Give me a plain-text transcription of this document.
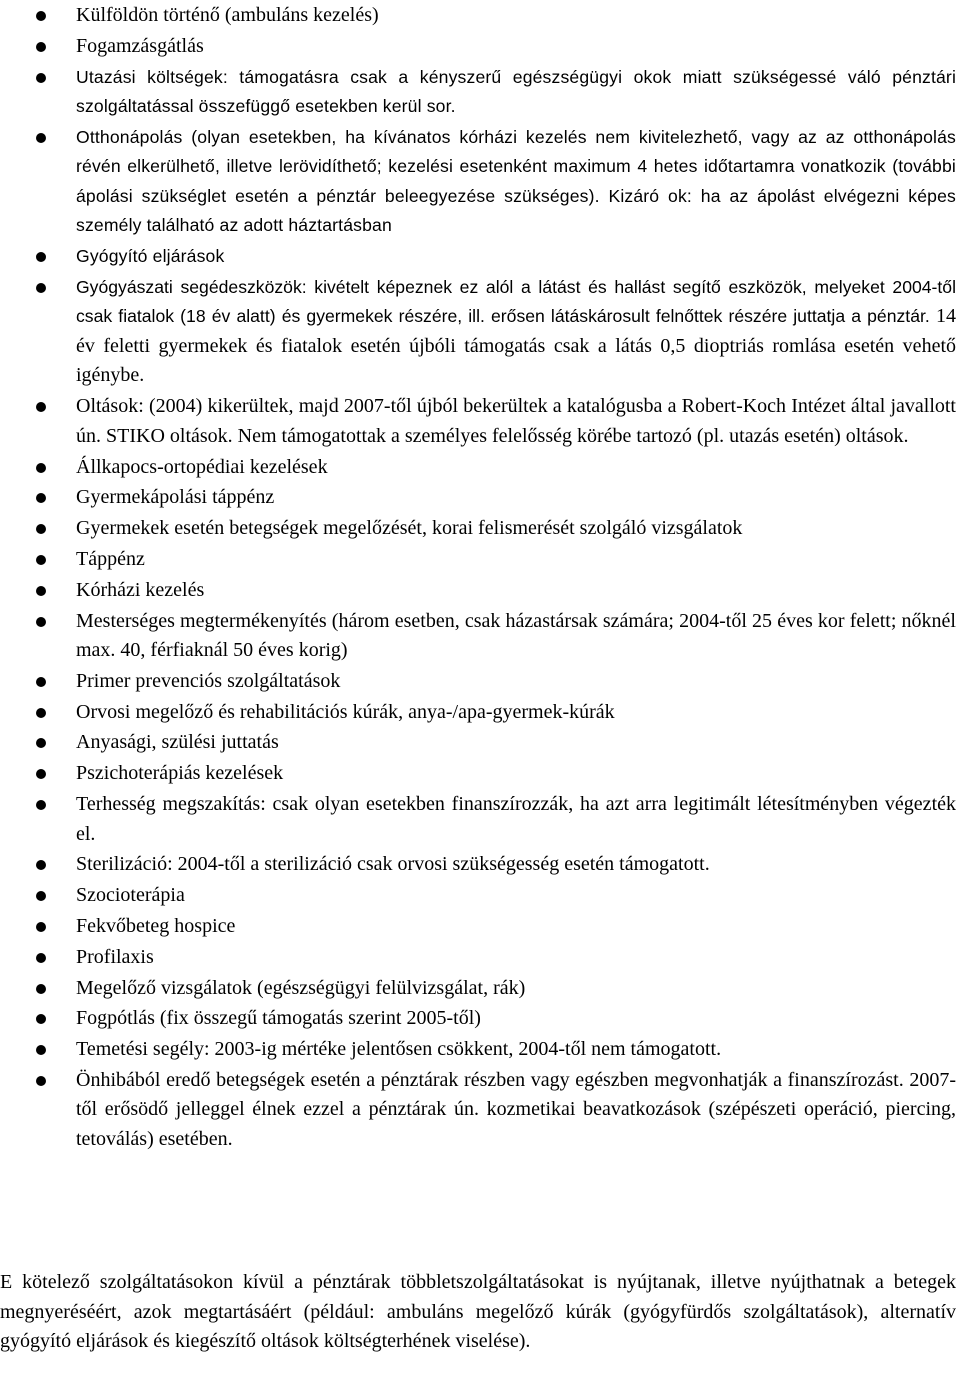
Külföldön történő (ambuláns kezelés)
Fogamzásgátlás
Utazási költségek: támogatásra csak a kényszerű egészségügyi okok miatt szükségessé váló pénztári szolgáltatással összefüggő esetekben kerül sor.
Otthonápolás (olyan esetekben, ha kívánatos kórházi kezelés nem kivitelezhető, vagy az az otthonápolás révén elkerülhető, illetve lerövidíthető; kezelési esetenként maximum 4 hetes időtartamra vonatkozik (további ápolási szükséglet esetén a pénztár beleegyezése szükséges). Kizáró ok: ha az ápolást elvégezni képes személy található az adott háztartásban
Gyógyító eljárások
Gyógyászati segédeszközök: kivételt képeznek ez alól a látást és hallást segítő eszközök, melyeket 2004-től csak fiatalok (18 év alatt) és gyermekek részére, ill. erősen látáskárosult felnőttek részére juttatja a pénztár. 14 év feletti gyermekek és fiatalok esetén újbóli támogatás csak a látás 0,5 dioptriás romlása esetén vehető igénybe.
Oltások: (2004) kikerültek, majd 2007-től újból bekerültek a katalógusba a Robert-Koch Intézet által javallott ún. STIKO oltások. Nem támogatottak a személyes felelősség körébe tartozó (pl. utazás esetén) oltások.
Állkapocs-ortopédiai kezelések
Gyermekápolási táppénz
Gyermekek esetén betegségek megelőzését, korai felismerését szolgáló vizsgálatok
Táppénz
Kórházi kezelés
Mesterséges megtermékenyítés (három esetben, csak házastársak számára; 2004-től 25 éves kor felett; nőknél max. 40, férfiaknál 50 éves korig)
Primer prevenciós szolgáltatások
Orvosi megelőző és rehabilitációs kúrák, anya-/apa-gyermek-kúrák
Anyasági, szülési juttatás
Pszichoterápiás kezelések
Terhesség megszakítás: csak olyan esetekben finanszírozzák, ha azt arra legitimált létesítményben végezték el.
Sterilizáció: 2004-től a sterilizáció csak orvosi szükségesség esetén támogatott.
Szocioterápia
Fekvőbeteg hospice
Profilaxis
Megelőző vizsgálatok (egészségügyi felülvizsgálat, rák)
Fogpótlás (fix összegű támogatás szerint 2005-től)
Temetési segély: 2003-ig mértéke jelentősen csökkent, 2004-től nem támogatott.
Önhibából eredő betegségek esetén a pénztárak részben vagy egészben megvonhatják a finanszírozást. 2007-től erősödő jelleggel élnek ezzel a pénztárak ún. kozmetikai beavatkozások (szépészeti operáció, piercing, tetoválás) esetében.

E kötelező szolgáltatásokon kívül a pénztárak többletszolgáltatásokat is nyújtanak, illetve nyújthatnak a betegek megnyeréséért, azok megtartásáért (például: ambuláns megelőző kúrák (gyógyfürdős szolgáltatások), alternatív gyógyító eljárások és kiegészítő oltások költségterhének viselése).
